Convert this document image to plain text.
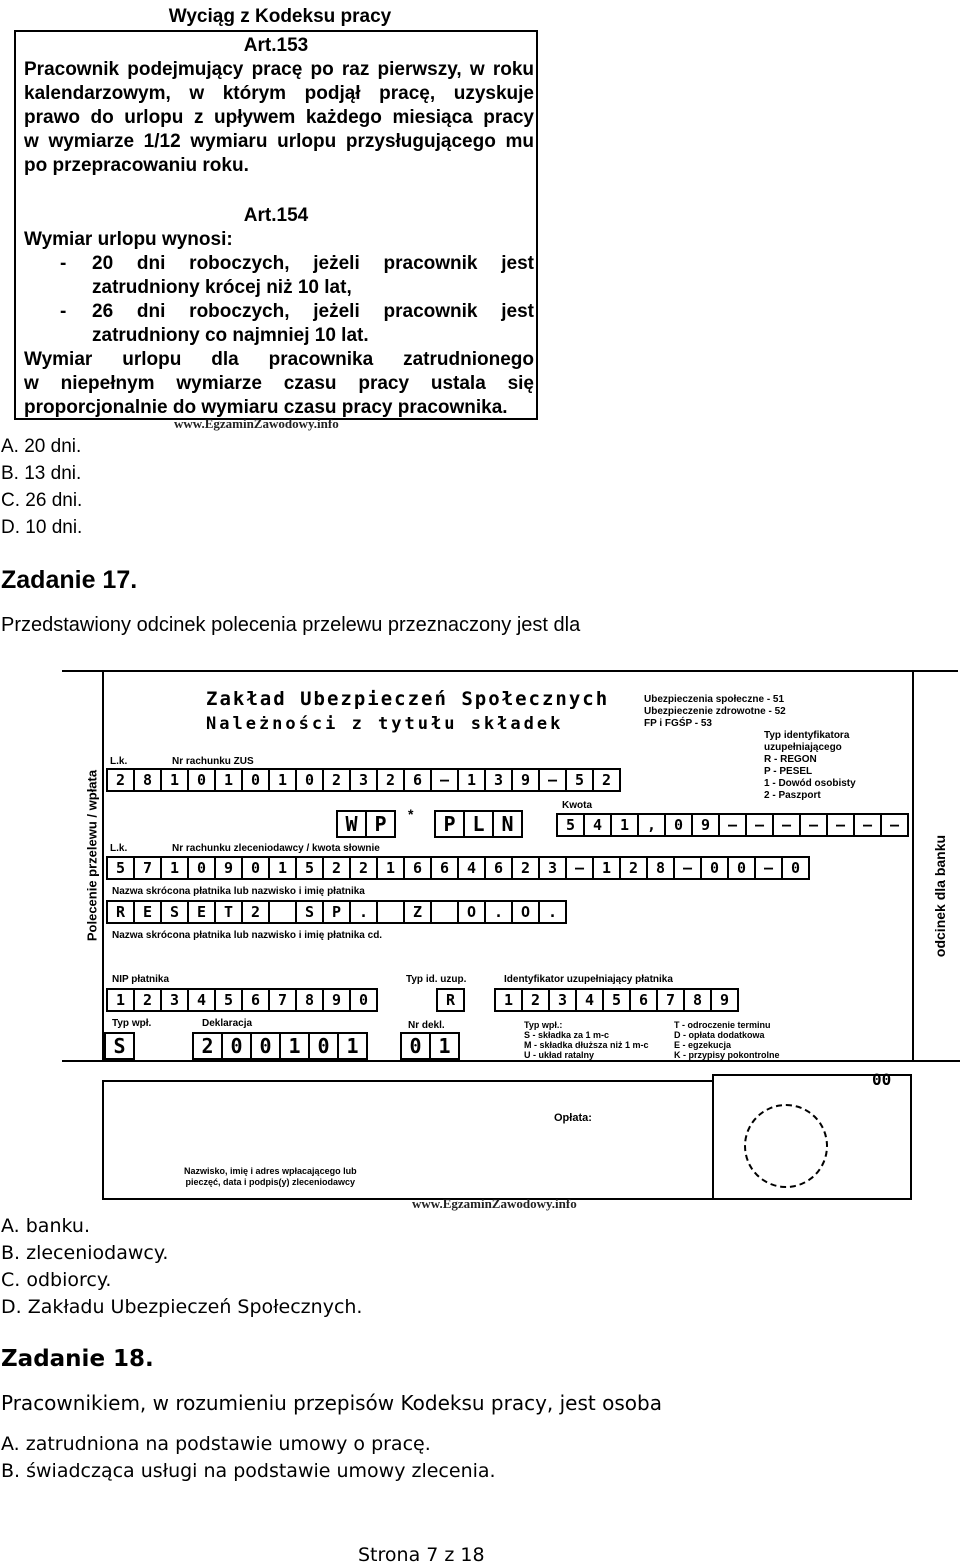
Wyciąg z Kodeksu pracy
Art.153
Pracownik podejmujący pracę po raz pierwszy, w roku
kalendarzowym, w którym podjął pracę, uzyskuje
prawo do urlopu z upływem każdego miesiąca pracy
w wymiarze 1/12 wymiaru urlopu przysługującego mu
po przepracowaniu roku.
Art.154
Wymiar urlopu wynosi:
- 20 dni roboczych, jeżeli pracownik jest
zatrudniony krócej niż 10 lat,
- 26 dni roboczych, jeżeli pracownik jest
zatrudniony co najmniej 10 lat.
Wymiar urlopu dla pracownika zatrudnionego
w niepełnym wymiarze czasu pracy ustala się
proporcjonalnie do wymiaru czasu pracy pracownika.
www.EgzaminZawodowy.info
A. 20 dni.
B. 13 dni.
C. 26 dni.
D. 10 dni.
Zadanie 17.
Przedstawiony odcinek polecenia przelewu przeznaczony jest dla
Polecenie przelewu / wpłata	odcinek dla banku
Zakład Ubezpieczeń Społecznych
Należności z tytułu składek
Ubezpieczenia społeczne - 51
Ubezpieczenie zdrowotne - 52
FP i FGŚP - 53
Typ identyfikatora
uzupełniającego
R - REGON
P - PESEL
1 - Dowód osobisty
2 - Paszport
L.k.	Nr rachunku ZUS
2	8	1	0	1	0	1	0	2	3	2	6	–	1	3	9	–	5	2
W P	*	P L N
Kwota
5	4	1	,	0	9	–	–	–	–	–	–	–
L.k.	Nr rachunku zleceniodawcy / kwota słownie
5	7	1	0	9	0	1	5	2	2	1	6	6	4	6	2	3	–	1	2	8	–	0	0	–	0
Nazwa skrócona płatnika lub nazwisko i imię płatnika
R	E	S	E	T	2	S	P	.	Z	O	.	O	.
Nazwa skrócona płatnika lub nazwisko i imię płatnika cd.
NIP płatnika
1	2	3	4	5	6	7	8	9	0
Typ id. uzup.
R
Identyfikator uzupełniający płatnika
1	2	3	4	5	6	7	8	9
Typ wpł.
S
Deklaracja
2 0 0 1 0 1
Nr dekl.
0 1
Typ wpł.:
S - składka za 1 m-c
M - składka dłuższa niż 1 m-c
U - układ ratalny
T - odroczenie terminu
D - opłata dodatkowa
E - egzekucja
K - przypisy pokontrolne
00
Opłata:
Nazwisko, imię i adres wpłacającego lub
pieczęć, data i podpis(y) zleceniodawcy
www.EgzaminZawodowy.info
A. banku.
B. zleceniodawcy.
C. odbiorcy.
D. Zakładu Ubezpieczeń Społecznych.
Zadanie 18.
Pracownikiem, w rozumieniu przepisów Kodeksu pracy, jest osoba
A. zatrudniona na podstawie umowy o pracę.
B. świadcząca usługi na podstawie umowy zlecenia.
Strona 7 z 18
